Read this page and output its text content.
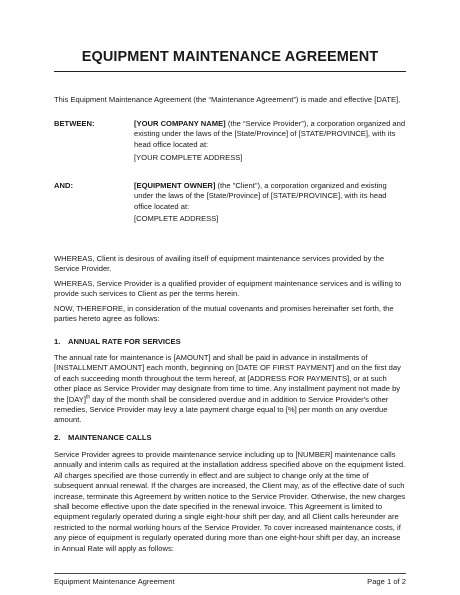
EQUIPMENT MAINTENANCE AGREEMENT
This Equipment Maintenance Agreement (the “Maintenance Agreement”) is made and effective [DATE],
BETWEEN:	[YOUR COMPANY NAME] (the “Service Provider”), a corporation organized and existing under the laws of the [State/Province] of [STATE/PROVINCE], with its head office located at:
[YOUR COMPLETE ADDRESS]
AND:	[EQUIPMENT OWNER] (the "Client"), a corporation organized and existing under the laws of the [State/Province] of [STATE/PROVINCE], with its head office located at:
[COMPLETE ADDRESS]
WHEREAS, Client is desirous of availing itself of equipment maintenance services provided by the Service Provider.
WHEREAS, Service Provider is a qualified provider of equipment maintenance services and is willing to provide such services to Client as per the terms herein.
NOW, THEREFORE, in consideration of the mutual covenants and promises hereinafter set forth, the parties hereto agree as follows:
1. ANNUAL RATE FOR SERVICES
The annual rate for maintenance is [AMOUNT] and shall be paid in advance in installments of [INSTALLMENT AMOUNT] each month, beginning on [DATE OF FIRST PAYMENT] and on the first day of each succeeding month throughout the term hereof, at [ADDRESS FOR PAYMENTS], or at such other place as Service Provider may designate from time to time. Any installment payment not made by the [DAY]$^{th}$ day of the month shall be considered overdue and in addition to Service Provider's other remedies, Service Provider may levy a late payment charge equal to [%] per month on any overdue amount.
2. MAINTENANCE CALLS
Service Provider agrees to provide maintenance service including up to [NUMBER] maintenance calls annually and interim calls as required at the installation address specified above on the equipment listed. All charges specified are those currently in effect and are subject to change only at the time of subsequent annual renewal. If the charges are increased, the Client may, as of the effective date of such increase, terminate this Agreement by written notice to the Service Provider. Otherwise, the new charges shall become effective upon the date specified in the renewal invoice. This Agreement is limited to equipment regularly operated during a single eight-hour shift per day, and all Client calls hereunder are restricted to the normal working hours of the Service Provider. To cover increased maintenance costs, if any piece of equipment is regularly operated during more than one eight-hour shift per day, an increase in Annual Rate will apply as follows:
Equipment Maintenance Agreement	Page 1 of 2
